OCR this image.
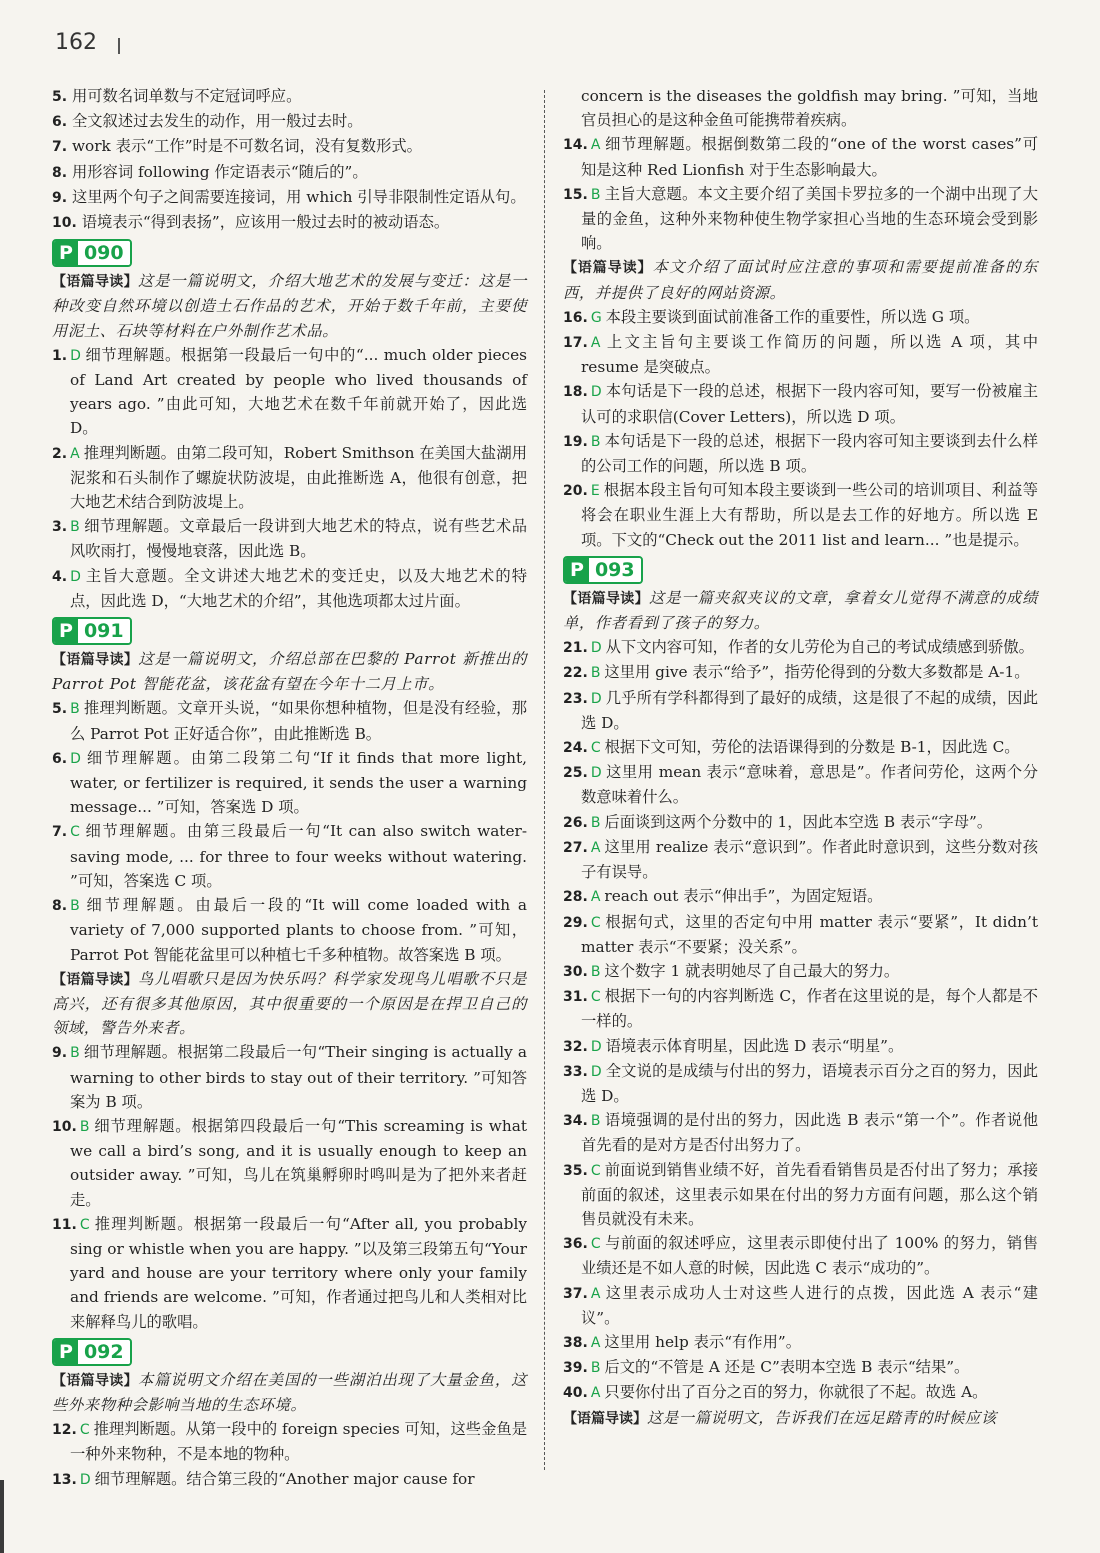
162

5. 用可数名词单数与不定冠词呼应。

6. 全文叙述过去发生的动作，用一般过去时。

7. work 表示“工作”时是不可数名词，没有复数形式。

8. 用形容词 following 作定语表示“随后的”。

9. 这里两个句子之间需要连接词，用 which 引导非限制性定语从句。

10. 语境表示“得到表扬”，应该用一般过去时的被动语态。

P 090

【语篇导读】这是一篇说明文，介绍大地艺术的发展与变迁：这是一种改变自然环境以创造土石作品的艺术，开始于数千年前，主要使用泥土、石块等材料在户外制作艺术品。

1. D 细节理解题。根据第一段最后一句中的“... much older pieces of Land Art created by people who lived thousands of years ago. ”由此可知，大地艺术在数千年前就开始了，因此选 D。

2. A 推理判断题。由第二段可知，Robert Smithson 在美国大盐湖用泥浆和石头制作了螺旋状防波堤，由此推断选 A，他很有创意，把大地艺术结合到防波堤上。

3. B 细节理解题。文章最后一段讲到大地艺术的特点，说有些艺术品风吹雨打，慢慢地衰落，因此选 B。

4. D 主旨大意题。全文讲述大地艺术的变迁史，以及大地艺术的特点，因此选 D，“大地艺术的介绍”，其他选项都太过片面。

P 091

【语篇导读】这是一篇说明文，介绍总部在巴黎的 Parrot 新推出的 Parrot Pot 智能花盆，该花盆有望在今年十二月上市。

5. B 推理判断题。文章开头说，“如果你想种植物，但是没有经验，那么 Parrot Pot 正好适合你”，由此推断选 B。

6. D 细节理解题。由第二段第二句“If it finds that more light, water, or fertilizer is required, it sends the user a warning message... ”可知，答案选 D 项。

7. C 细节理解题。由第三段最后一句“It can also switch water-saving mode, ... for three to four weeks without watering. ”可知，答案选 C 项。

8. B 细节理解题。由最后一段的“It will come loaded with a variety of 7,000 supported plants to choose from. ”可知，Parrot Pot 智能花盆里可以种植七千多种植物。故答案选 B 项。

【语篇导读】鸟儿唱歌只是因为快乐吗？科学家发现鸟儿唱歌不只是高兴，还有很多其他原因，其中很重要的一个原因是在捍卫自己的领域，警告外来者。

9. B 细节理解题。根据第二段最后一句“Their singing is actually a warning to other birds to stay out of their territory. ”可知答案为 B 项。

10. B 细节理解题。根据第四段最后一句“This screaming is what we call a bird’s song, and it is usually enough to keep an outsider away. ”可知，鸟儿在筑巢孵卵时鸣叫是为了把外来者赶走。

11. C 推理判断题。根据第一段最后一句“After all, you probably sing or whistle when you are happy. ”以及第三段第五句“Your yard and house are your territory where only your family and friends are welcome. ”可知，作者通过把鸟儿和人类相对比来解释鸟儿的歌唱。

P 092

【语篇导读】本篇说明文介绍在美国的一些湖泊出现了大量金鱼，这些外来物种会影响当地的生态环境。

12. C 推理判断题。从第一段中的 foreign species 可知，这些金鱼是一种外来物种，不是本地的物种。

13. D 细节理解题。结合第三段的“Another major cause for

concern is the diseases the goldfish may bring. ”可知，当地官员担心的是这种金鱼可能携带着疾病。

14. A 细节理解题。根据倒数第二段的“one of the worst cases”可知是这种 Red Lionfish 对于生态影响最大。

15. B 主旨大意题。本文主要介绍了美国卡罗拉多的一个湖中出现了大量的金鱼，这种外来物种使生物学家担心当地的生态环境会受到影响。

【语篇导读】本文介绍了面试时应注意的事项和需要提前准备的东西，并提供了良好的网站资源。

16. G 本段主要谈到面试前准备工作的重要性，所以选 G 项。

17. A 上文主旨句主要谈工作简历的问题，所以选 A 项，其中 resume 是突破点。

18. D 本句话是下一段的总述，根据下一段内容可知，要写一份被雇主认可的求职信(Cover Letters)，所以选 D 项。

19. B 本句话是下一段的总述，根据下一段内容可知主要谈到去什么样的公司工作的问题，所以选 B 项。

20. E 根据本段主旨句可知本段主要谈到一些公司的培训项目、利益等将会在职业生涯上大有帮助，所以是去工作的好地方。所以选 E 项。下文的“Check out the 2011 list and learn... ”也是提示。

P 093

【语篇导读】这是一篇夹叙夹议的文章，拿着女儿觉得不满意的成绩单，作者看到了孩子的努力。

21. D 从下文内容可知，作者的女儿劳伦为自己的考试成绩感到骄傲。

22. B 这里用 give 表示“给予”，指劳伦得到的分数大多数都是 A-1。

23. D 几乎所有学科都得到了最好的成绩，这是很了不起的成绩，因此选 D。

24. C 根据下文可知，劳伦的法语课得到的分数是 B-1，因此选 C。

25. D 这里用 mean 表示“意味着，意思是”。作者问劳伦，这两个分数意味着什么。

26. B 后面谈到这两个分数中的 1，因此本空选 B 表示“字母”。

27. A 这里用 realize 表示“意识到”。作者此时意识到，这些分数对孩子有误导。

28. A reach out 表示“伸出手”，为固定短语。

29. C 根据句式，这里的否定句中用 matter 表示“要紧”，It didn’t matter 表示“不要紧；没关系”。

30. B 这个数字 1 就表明她尽了自己最大的努力。

31. C 根据下一句的内容判断选 C，作者在这里说的是，每个人都是不一样的。

32. D 语境表示体育明星，因此选 D 表示“明星”。

33. D 全文说的是成绩与付出的努力，语境表示百分之百的努力，因此选 D。

34. B 语境强调的是付出的努力，因此选 B 表示“第一个”。作者说他首先看的是对方是否付出努力了。

35. C 前面说到销售业绩不好，首先看看销售员是否付出了努力；承接前面的叙述，这里表示如果在付出的努力方面有问题，那么这个销售员就没有未来。

36. C 与前面的叙述呼应，这里表示即使付出了 100% 的努力，销售业绩还是不如人意的时候，因此选 C 表示“成功的”。

37. A 这里表示成功人士对这些人进行的点拨，因此选 A 表示“建议”。

38. A 这里用 help 表示“有作用”。

39. B 后文的“不管是 A 还是 C”表明本空选 B 表示“结果”。

40. A 只要你付出了百分之百的努力，你就很了不起。故选 A。

【语篇导读】这是一篇说明文，告诉我们在远足踏青的时候应该
